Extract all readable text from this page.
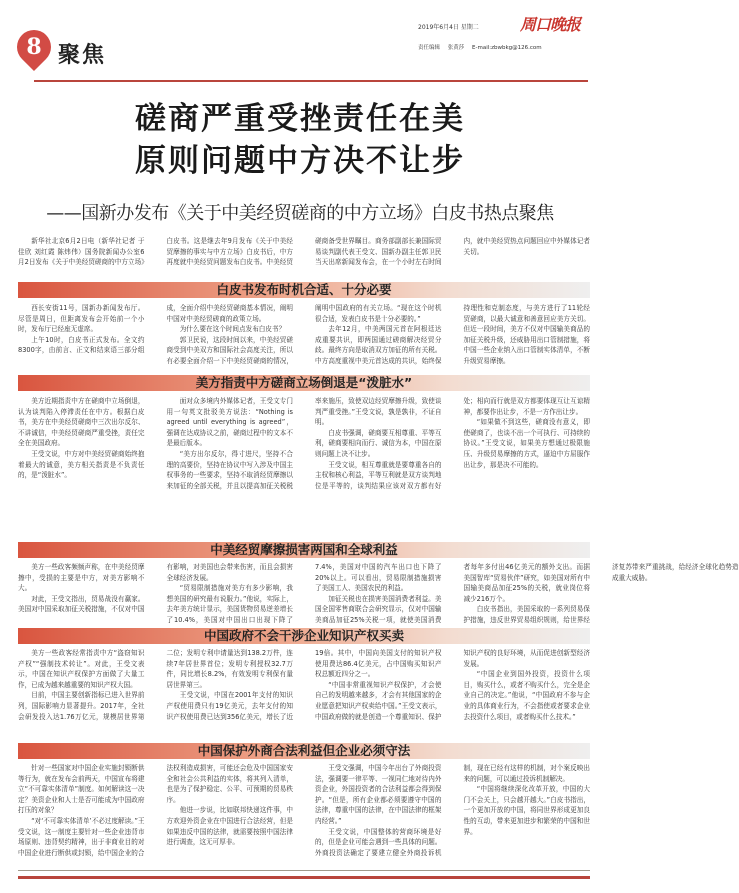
8 聚焦
2019年6月4日 星期二
责任编辑 张黄莎 E-mail:zbwbkg@126.com
周口晚报
磋商严重受挫责任在美
原则问题中方决不让步
——国新办发布《关于中美经贸磋商的中方立场》白皮书热点聚焦

新华社北京6月2日电（新华社记者 于佳欣 刘红霞 陈炜伟）国务院新闻办公室6月2日发布《关于中美经贸磋商的中方立场》白皮书。这是继去年9月发布《关于中美经贸摩擦的事实与中方立场》白皮书后，中方再度就中美经贸问题发布白皮书。中美经贸磋商备受世界瞩目。商务部副部长兼国际贸易谈判副代表王受文、国新办副主任郭卫民当天出席新闻发布会，在一个小时左右时间内，就中美经贸热点问题回应中外媒体记者关切。

白皮书发布时机合适、十分必要

西长安街11号，国新办新闻发布厅。尽管是周日，但距离发布会开始前一个小时，发布厅已经座无虚席。

上午10时，白皮书正式发布。全文约8300字，由前言、正文和结束语三部分组成，全面介绍中美经贸磋商基本情况，阐明中国对中美经贸磋商的政策立场。

为什么要在这个时间点发布白皮书？

郭卫民说，这段时间以来，中美经贸磋商受到中美双方和国际社会高度关注，所以有必要全面介绍一下中美经贸磋商的情况，阐明中国政府的有关立场。“现在这个时机很合适，发表白皮书是十分必要的。”

去年12月，中美两国元首在阿根廷达成重要共识，即两国通过磋商解决经贸分歧。最终方向是取消双方加征的所有关税。中方高度重视中美元首达成的共识，始终保持理性和克制态度，与美方进行了11轮经贸磋商，以最大诚意和善意回应美方关切。但近一段时间，美方不仅对中国输美商品的加征关税升级，还威胁用出口管制措施，将中国一些企业纳入出口管制实体清单，不断升级贸易摩擦。

美方指责中方磋商立场倒退是“泼脏水”

美方近期指责中方在磋商中立场倒退，认为谈判陷入停滞责任在中方。根据白皮书，美方在中美经贸磋商中三次出尔反尔、不讲诚信，中美经贸磋商严重受挫，责任完全在美国政府。

王受文说，中方对中美经贸磋商始终抱着最大的诚意，美方相关指责是不负责任的，是“泼脏水”。

面对众多境内外媒体记者，王受文专门用一句英文批驳美方说法：“Nothing is agreed until everything is agreed”，强调在达成协议之前，磋商过程中的文本不是最后版本。

“美方出尔反尔，得寸进尺，坚持不合理的高要价，坚持在协议中写入涉及中国主权事务的一些要求，坚持不取消经贸摩擦以来加征的全部关税，并且以提高加征关税税率来施压，致使双边经贸摩擦升级，致使谈判严重受挫。”王受文说，孰是孰非，不证自明。

白皮书强调，磋商要互相尊重、平等互利，磋商要相向而行、诚信为本，中国在原则问题上决不让步。

王受文说，相互尊重就是要尊重各自的主权和核心利益，平等互利就是双方谈判地位是平等的，谈判结果应该对双方都有好处；相向而行就是双方都要体现互让互谅精神，都要作出让步，不是一方作出让步。

“如果做不到这些，磋商没有意义，即使磋商了，也谈不出一个可执行、可持续的协议。”王受文说，如果美方想通过极限施压、升级贸易摩擦的方式，逼迫中方屈服作出让步，那是决不可能的。

中美经贸摩擦损害两国和全球利益

美方一些政客频频声称，在中美经贸摩擦中，受损的主要是中方，对美方影响不大。

对此，王受文指出，贸易战没有赢家。美国对中国采取加征关税措施，不仅对中国有影响，对美国也会带来伤害，而且会损害全球经济发展。

“贸易限制措施对美方有多少影响，我想美国的研究最有说服力。”他说，实际上，去年美方统计显示，美国货物贸易逆差增长了10.4%，美国对中国出口出现下降了7.4%，美国对中国的汽车出口也下降了20%以上。可以看出，贸易限制措施损害了美国工人、美国农民的利益。

加征关税也在损害美国消费者利益。美国全国零售商联合会研究显示，仅对中国输美商品加征25%关税一项，就使美国消费者每年多付出46亿美元的额外支出。而据美国智库“贸易伙伴”研究，如美国对所有中国输美商品加征25%的关税，就业岗位将减少216万个。

白皮书指出，美国采取的一系列贸易保护措施，违反世界贸易组织规则，给世界经济复苏带来严重挑战，给经济全球化趋势造成重大威胁。

中国政府不会干涉企业知识产权买卖

美方一些政客经常指责中方“盗窃知识产权”“强制技术转让”。对此，王受文表示，中国在知识产权保护方面做了大量工作，已成为越来越重要的知识产权大国。

目前，中国主要创新指标已进入世界前列，国际影响力显著提升。2017年，全社会研发投入达1.76万亿元，规模居世界第二位；发明专利申请量达到138.2万件，连续7年居世界首位；发明专利授权32.7万件，同比增长8.2%，有效发明专利保有量居世界第三。

王受文说，中国在2001年支付的知识产权使用费只有19亿美元，去年支付的知识产权使用费已达到356亿美元，增长了近19倍。其中，中国向美国支付的知识产权使用费达86.4亿美元，占中国购买知识产权总额近四分之一。

“中国非常重视知识产权保护，才会使自己的发明越来越多，才会有其他国家的企业愿意把知识产权卖给中国。”王受文表示，中国政府做的就是创造一个尊重知识、保护知识产权的良好环境，从而促进创新型经济发展。

“中国企业到国外投资，投资什么项目，购买什么，或者不购买什么，完全是企业自己的决定。”他说，“中国政府不参与企业的具体商业行为，不会指使或者要求企业去投资什么项目，或者购买什么技术。”

中国保护外商合法利益但企业必须守法

针对一些国家对中国企业实施封锁断供等行为，就在发布会前两天，中国宣布将建立“不可靠实体清单”制度。如何解读这一决定？美资企业和人士是否可能成为中国政府打压的对象？

“对‘不可靠实体清单’不必过度解读。”王受文说，这一制度主要针对一些企业违背市场原则、违背契约精神，出于非商业目的对中国企业进行断供或封锁，给中国企业的合法权利造成损害，可能还会危及中国国家安全和社会公共利益的实体，将其列入清单，也是为了保护稳定、公平、可预期的贸易秩序。

他进一步说，比如联邦快递这件事，中方欢迎外资企业在中国进行合法经营，但是如果违反中国的法律，就需要按照中国法律进行调查，这无可厚非。

王受文强调，中国今年出台了外商投资法，强调要一律平等、一视同仁地对待内外资企业，外国投资者的合法利益都会得到保护。“但是，所有企业都必须要遵守中国的法律，尊重中国的法律，在中国法律的框架内经营。”

王受文说，中国整体的营商环境是好的，但是企业可能会遇到一些具体的问题。外商投资法确定了要建立健全外商投诉机制，现在已经有这样的机制，对个案反映出来的问题，可以通过投诉机制解决。

“中国将继续深化改革开放，中国的大门不会关上，只会越开越大。”白皮书指出，一个更加开放的中国，将同世界形成更加良性的互动，带来更加进步和繁荣的中国和世界。
